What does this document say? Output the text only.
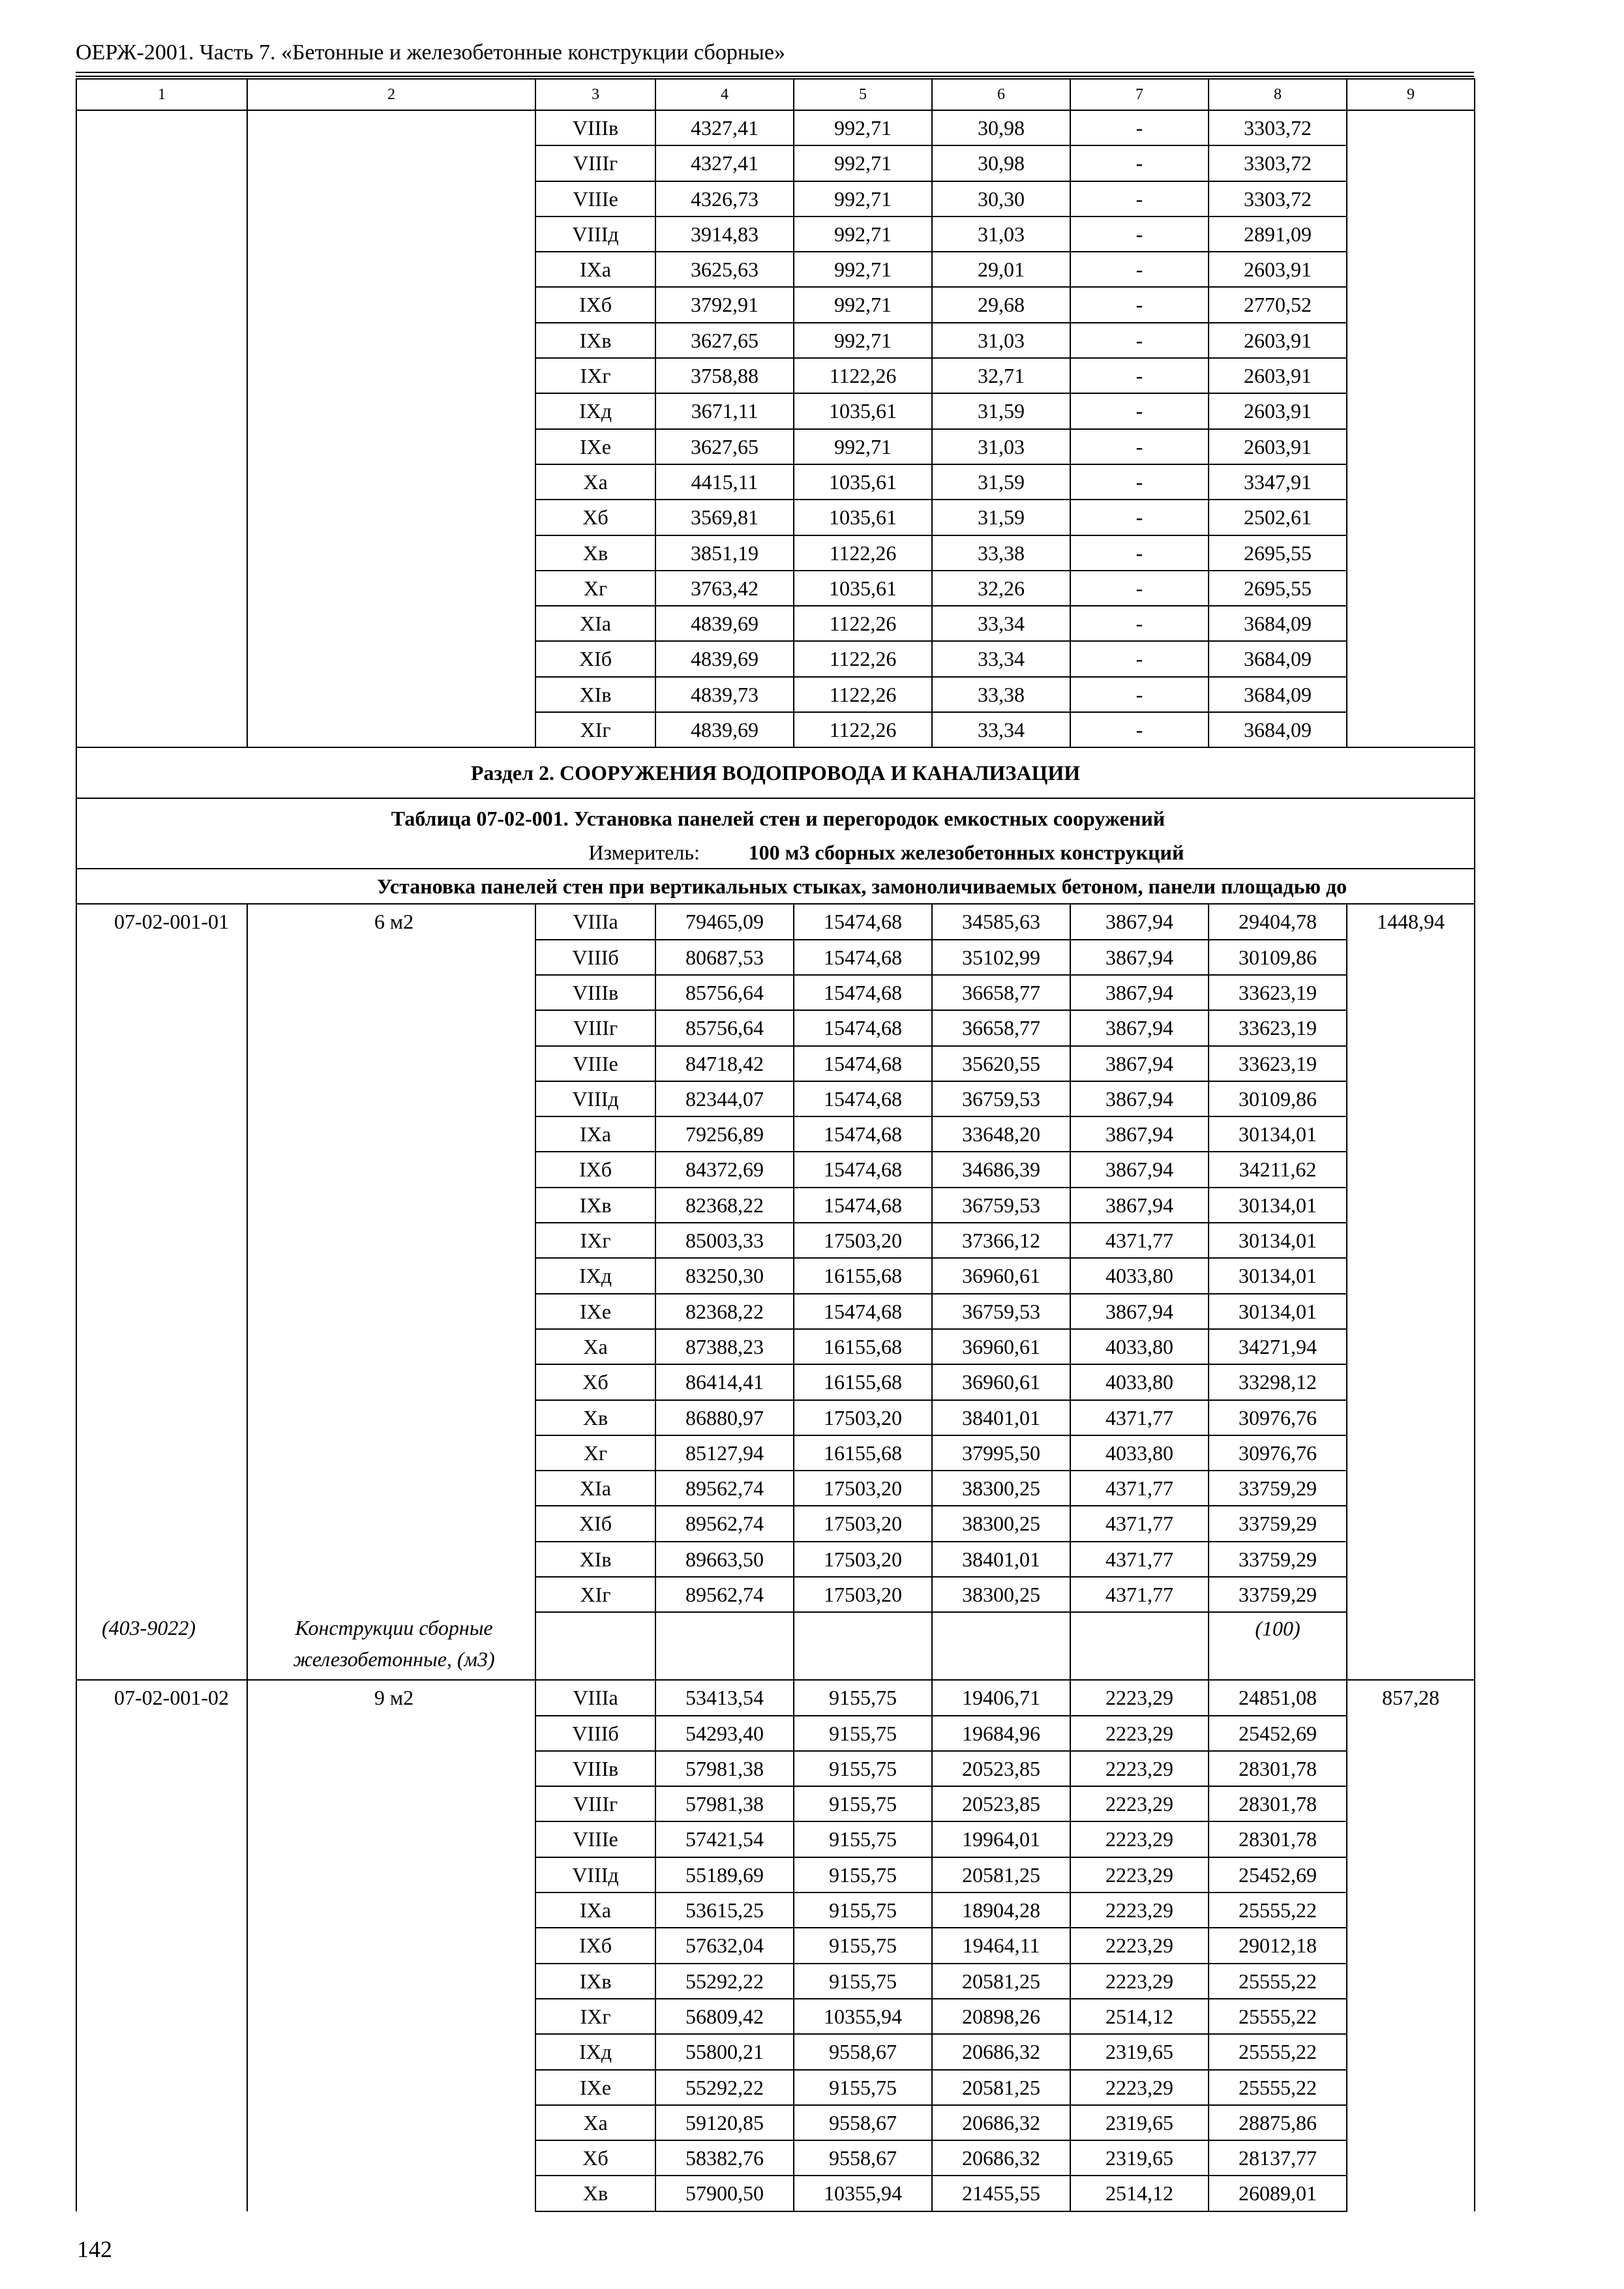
ОЕРЖ-2001. Часть 7. «Бетонные и железобетонные конструкции сборные»
1	2	3	4	5	6	7	8	9
		VIIIв	4327,41	992,71	30,98	-	3303,72	
		VIIIг	4327,41	992,71	30,98	-	3303,72	
		VIIIе	4326,73	992,71	30,30	-	3303,72	
		VIIIд	3914,83	992,71	31,03	-	2891,09	
		IXа	3625,63	992,71	29,01	-	2603,91	
		IXб	3792,91	992,71	29,68	-	2770,52	
		IXв	3627,65	992,71	31,03	-	2603,91	
		IXг	3758,88	1122,26	32,71	-	2603,91	
		IXд	3671,11	1035,61	31,59	-	2603,91	
		IXе	3627,65	992,71	31,03	-	2603,91	
		Xа	4415,11	1035,61	31,59	-	3347,91	
		Xб	3569,81	1035,61	31,59	-	2502,61	
		Xв	3851,19	1122,26	33,38	-	2695,55	
		Xг	3763,42	1035,61	32,26	-	2695,55	
		XIа	4839,69	1122,26	33,34	-	3684,09	
		XIб	4839,69	1122,26	33,34	-	3684,09	
		XIв	4839,73	1122,26	33,38	-	3684,09	
		XIг	4839,69	1122,26	33,34	-	3684,09	
Раздел 2. СООРУЖЕНИЯ ВОДОПРОВОДА И КАНАЛИЗАЦИИ								
Таблица 07-02-001. Установка панелей стен и перегородок емкостных сооружений								
Измеритель: 100 м3 сборных железобетонных конструкций								
Установка панелей стен при вертикальных стыках, замоноличиваемых бетоном, панели площадью до								
07-02-001-01	6 м2	VIIIа	79465,09	15474,68	34585,63	3867,94	29404,78	1448,94
		VIIIб	80687,53	15474,68	35102,99	3867,94	30109,86	
		VIIIв	85756,64	15474,68	36658,77	3867,94	33623,19	
		VIIIг	85756,64	15474,68	36658,77	3867,94	33623,19	
		VIIIе	84718,42	15474,68	35620,55	3867,94	33623,19	
		VIIIд	82344,07	15474,68	36759,53	3867,94	30109,86	
		IXа	79256,89	15474,68	33648,20	3867,94	30134,01	
		IXб	84372,69	15474,68	34686,39	3867,94	34211,62	
		IXв	82368,22	15474,68	36759,53	3867,94	30134,01	
		IXг	85003,33	17503,20	37366,12	4371,77	30134,01	
		IXд	83250,30	16155,68	36960,61	4033,80	30134,01	
		IXе	82368,22	15474,68	36759,53	3867,94	30134,01	
		Xа	87388,23	16155,68	36960,61	4033,80	34271,94	
		Xб	86414,41	16155,68	36960,61	4033,80	33298,12	
		Xв	86880,97	17503,20	38401,01	4371,77	30976,76	
		Xг	85127,94	16155,68	37995,50	4033,80	30976,76	
		XIа	89562,74	17503,20	38300,25	4371,77	33759,29	
		XIб	89562,74	17503,20	38300,25	4371,77	33759,29	
		XIв	89663,50	17503,20	38401,01	4371,77	33759,29	
		XIг	89562,74	17503,20	38300,25	4371,77	33759,29	
(403-9022)	Конструкции сборные железобетонные, (м3)						(100)	
07-02-001-02	9 м2	VIIIа	53413,54	9155,75	19406,71	2223,29	24851,08	857,28
		VIIIб	54293,40	9155,75	19684,96	2223,29	25452,69	
		VIIIв	57981,38	9155,75	20523,85	2223,29	28301,78	
		VIIIг	57981,38	9155,75	20523,85	2223,29	28301,78	
		VIIIе	57421,54	9155,75	19964,01	2223,29	28301,78	
		VIIIд	55189,69	9155,75	20581,25	2223,29	25452,69	
		IXа	53615,25	9155,75	18904,28	2223,29	25555,22	
		IXб	57632,04	9155,75	19464,11	2223,29	29012,18	
		IXв	55292,22	9155,75	20581,25	2223,29	25555,22	
		IXг	56809,42	10355,94	20898,26	2514,12	25555,22	
		IXд	55800,21	9558,67	20686,32	2319,65	25555,22	
		IXе	55292,22	9155,75	20581,25	2223,29	25555,22	
		Xа	59120,85	9558,67	20686,32	2319,65	28875,86	
		Xб	58382,76	9558,67	20686,32	2319,65	28137,77	
		Xв	57900,50	10355,94	21455,55	2514,12	26089,01	
142
